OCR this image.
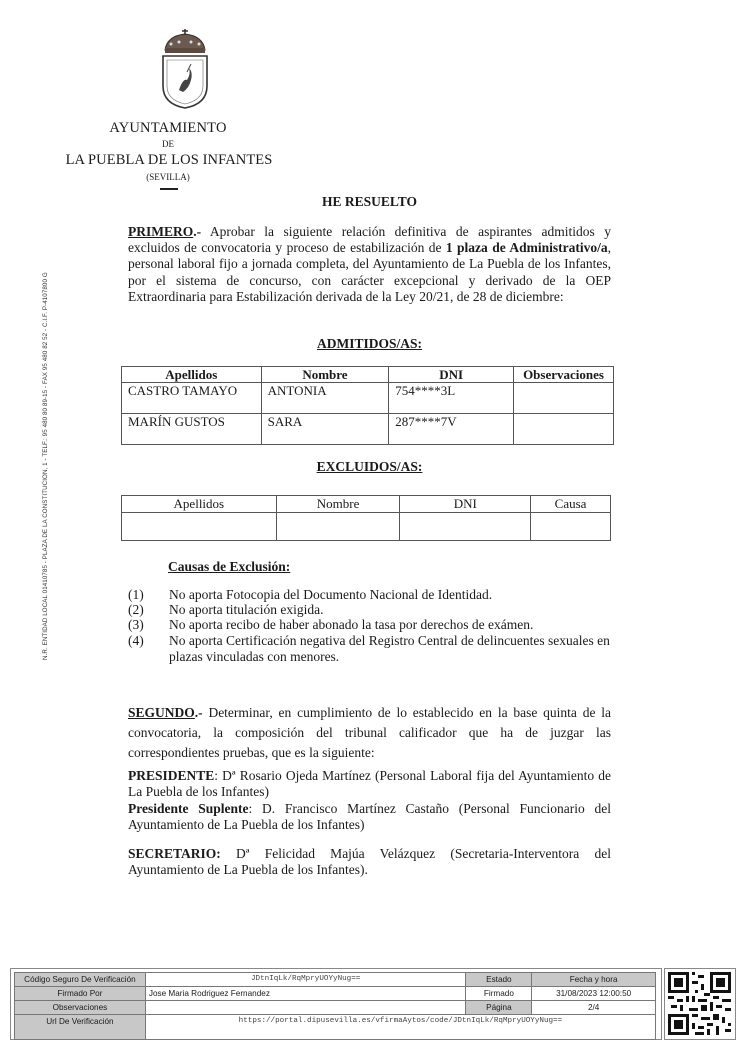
AYUNTAMIENTO
DE
LA PUEBLA DE LOS INFANTES
(SEVILLA)
N.R. ENTIDAD LOCAL 01410785 - PLAZA DE LA CONSTITUCION, 1 - TELF.: 95 480 80 89-15 - FAX 95 480 82 52 - C.I.F. P-4107800 G
HE RESUELTO
PRIMERO.- Aprobar la siguiente relación definitiva de aspirantes admitidos y excluidos de convocatoria y proceso de estabilización de 1 plaza de Administrativo/a, personal laboral fijo a jornada completa, del Ayuntamiento de La Puebla de los Infantes, por el sistema de concurso, con carácter excepcional y derivado de la OEP Extraordinaria para Estabilización derivada de la Ley 20/21, de 28 de diciembre:
ADMITIDOS/AS:
Apellidos	Nombre	DNI	Observaciones
CASTRO TAMAYO	ANTONIA	754****3L	
MARÍN GUSTOS	SARA	287****7V	
EXCLUIDOS/AS:
Apellidos	Nombre	DNI	Causa

Causas de Exclusión:
(1) No aporta Fotocopia del Documento Nacional de Identidad.
(2) No aporta titulación exigida.
(3) No aporta recibo de haber abonado la tasa por derechos de exámen.
(4) No aporta Certificación negativa del Registro Central de delincuentes sexuales en plazas vinculadas con menores.
SEGUNDO.- Determinar, en cumplimiento de lo establecido en la base quinta de la convocatoria, la composición del tribunal calificador que ha de juzgar las correspondientes pruebas, que es la siguiente:
PRESIDENTE: Dª Rosario Ojeda Martínez (Personal Laboral fija del Ayuntamiento de La Puebla de los Infantes)
Presidente Suplente: D. Francisco Martínez Castaño (Personal Funcionario del Ayuntamiento de La Puebla de los Infantes)
SECRETARIO: Dª Felicidad Majúa Velázquez (Secretaria-Interventora del Ayuntamiento de La Puebla de los Infantes).
Código Seguro De Verificación	JDtnIqLk/RqMpryUOYyNug==	Estado	Fecha y hora
Firmado Por	Jose Maria Rodriguez Fernandez	Firmado	31/08/2023 12:00:50
Observaciones		Página	2/4
Url De Verificación	https://portal.dipusevilla.es/vfirmaAytos/code/JDtnIqLk/RqMpryUOYyNug==		
